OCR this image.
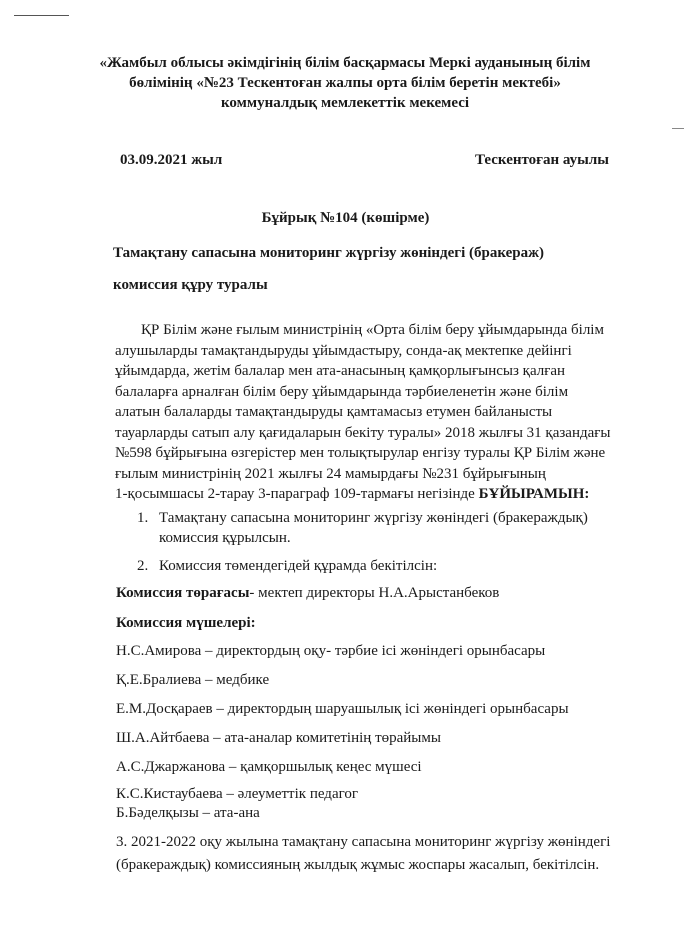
«Жамбыл облысы әкімдігінің білім басқармасы Меркі ауданының білім
бөлімінің «№23 Тескентоған жалпы орта білім беретін мектебі»
коммуналдық мемлекеттік мекемесі
03.09.2021 жыл	Тескентоған ауылы
Бұйрық №104 (көшірме)
Тамақтану сапасына мониторинг жүргізу жөніндегі (бракераж)
комиссия құру туралы
ҚР Білім және ғылым министрінің «Орта білім беру ұйымдарында білім
алушыларды тамақтандыруды ұйымдастыру, сонда-ақ мектепке дейінгі
ұйымдарда, жетім балалар мен ата-анасының қамқорлығынсыз қалған
балаларға арналған білім беру ұйымдарында тәрбиеленетін және білім
алатын балаларды тамақтандыруды қамтамасыз етумен байланысты
тауарларды сатып алу қағидаларын бекіту туралы» 2018 жылғы 31 қазандағы
№598 бұйрығына өзгерістер мен толықтырулар енгізу туралы ҚР Білім және
ғылым министрінің 2021 жылғы 24 мамырдағы №231 бұйрығының
1-қосымшасы 2-тарау 3-параграф 109-тармағы негізінде БҰЙЫРАМЫН:
1. Тамақтану сапасына мониторинг жүргізу жөніндегі (бракераждық)
комиссия құрылсын.
2. Комиссия төмендегідей құрамда бекітілсін:
Комиссия төрағасы- мектеп директоры Н.А.Арыстанбеков
Комиссия мүшелері:
Н.С.Амирова – директордың оқу- тәрбие ісі жөніндегі орынбасары
Қ.Е.Бралиева – медбике
Е.М.Досқараев – директордың шаруашылық ісі жөніндегі орынбасары
Ш.А.Айтбаева – ата-аналар комитетінің төрайымы
А.С.Джаржанова – қамқоршылық кеңес мүшесі
К.С.Кистаубаева – әлеуметтік педагог
Б.Бәделқызы – ата-ана
3. 2021-2022 оқу жылына тамақтану сапасына мониторинг жүргізу жөніндегі
(бракераждық) комиссияның жылдық жұмыс жоспары жасалып, бекітілсін.
